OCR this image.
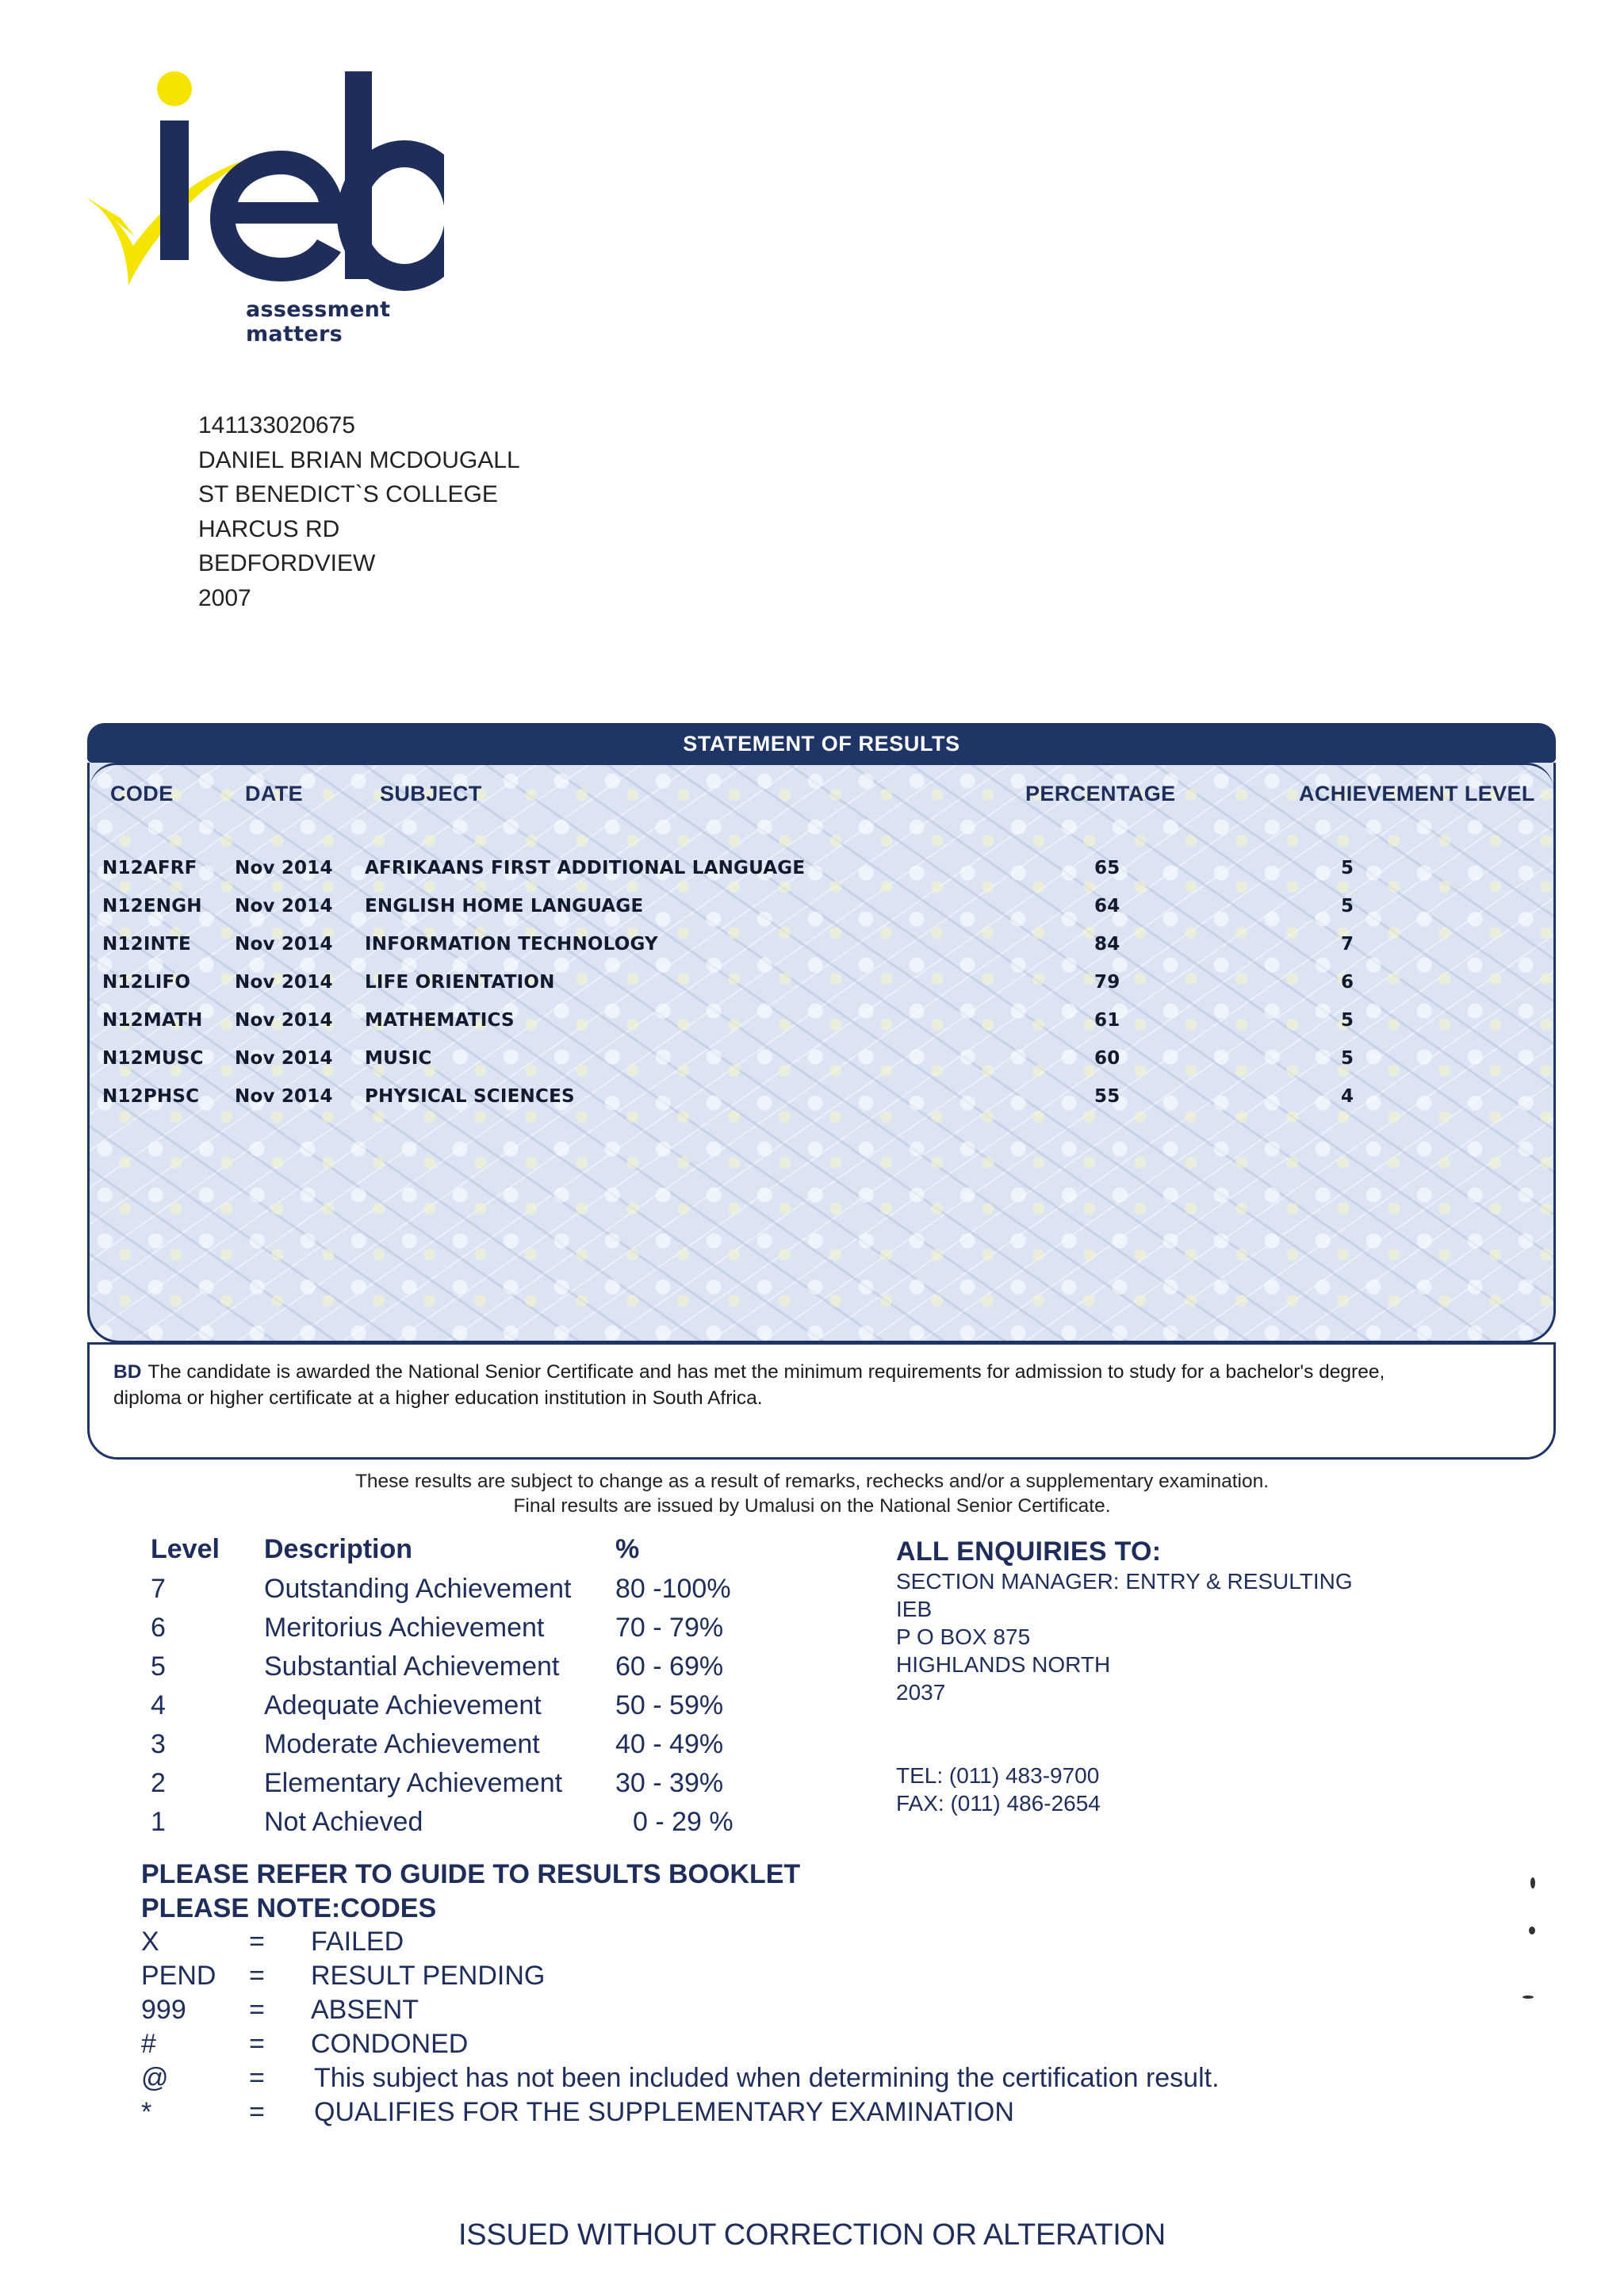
assessment matters
141133020675
DANIEL BRIAN MCDOUGALL
ST BENEDICT`S COLLEGE
HARCUS RD
BEDFORDVIEW
2007
STATEMENT OF RESULTS
CODE	DATE	SUBJECT	PERCENTAGE	ACHIEVEMENT LEVEL
N12AFRF Nov 2014 AFRIKAANS FIRST ADDITIONAL LANGUAGE	65	5
N12ENGH Nov 2014 ENGLISH HOME LANGUAGE	64	5
N12INTE Nov 2014 INFORMATION TECHNOLOGY	84	7
N12LIFO Nov 2014 LIFE ORIENTATION	79	6
N12MATH Nov 2014 MATHEMATICS	61	5
N12MUSC Nov 2014 MUSIC	60	5
N12PHSC Nov 2014 PHYSICAL SCIENCES	55	4
BD The candidate is awarded the National Senior Certificate and has met the minimum requirements for admission to study for a bachelor's degree,
diploma or higher certificate at a higher education institution in South Africa.
These results are subject to change as a result of remarks, rechecks and/or a supplementary examination.
Final results are issued by Umalusi on the National Senior Certificate.
Level Description	%
7	Outstanding Achievement 80 -100%
6	Meritorius Achievement	70 - 79%
5	Substantial Achievement 60 - 69%
4	Adequate Achievement	50 - 59%
3	Moderate Achievement	40 - 49%
2	Elementary Achievement 30 - 39%
1	Not Achieved	0 - 29 %
ALL ENQUIRIES TO:
SECTION MANAGER: ENTRY & RESULTING
IEB
P O BOX 875
HIGHLANDS NORTH
2037
TEL: (011) 483-9700
FAX: (011) 486-2654
PLEASE REFER TO GUIDE TO RESULTS BOOKLET
PLEASE NOTE:CODES
X	= FAILED
PEND = RESULT PENDING
999 = ABSENT
#	= CONDONED
@	= This subject has not been included when determining the certification result.
*	= QUALIFIES FOR THE SUPPLEMENTARY EXAMINATION
ISSUED WITHOUT CORRECTION OR ALTERATION
